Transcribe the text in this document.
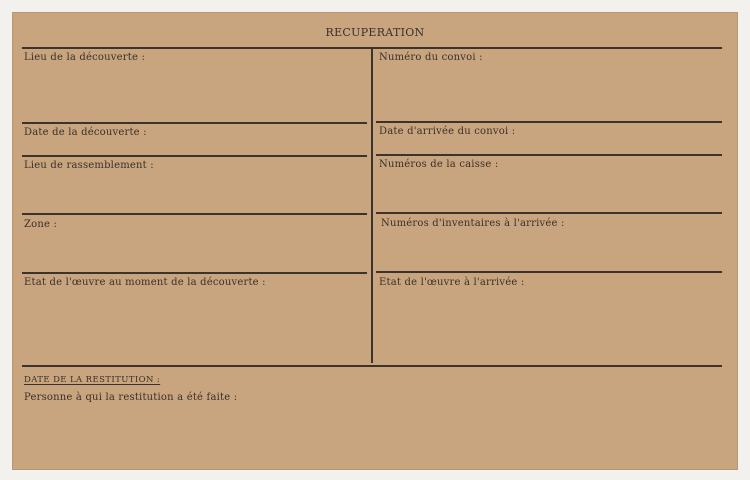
RECUPERATION
Lieu de la découverte :
Date de la découverte :
Lieu de rassemblement :
Zone :
Etat de l'œuvre au moment de la découverte :
Numéro du convoi :
Date d'arrivée du convoi :
Numéros de la caisse :
Numéros d'inventaires à l'arrivée :
Etat de l'œuvre à l'arrivée :
DATE DE LA RESTITUTION :
Personne à qui la restitution a été faite :
